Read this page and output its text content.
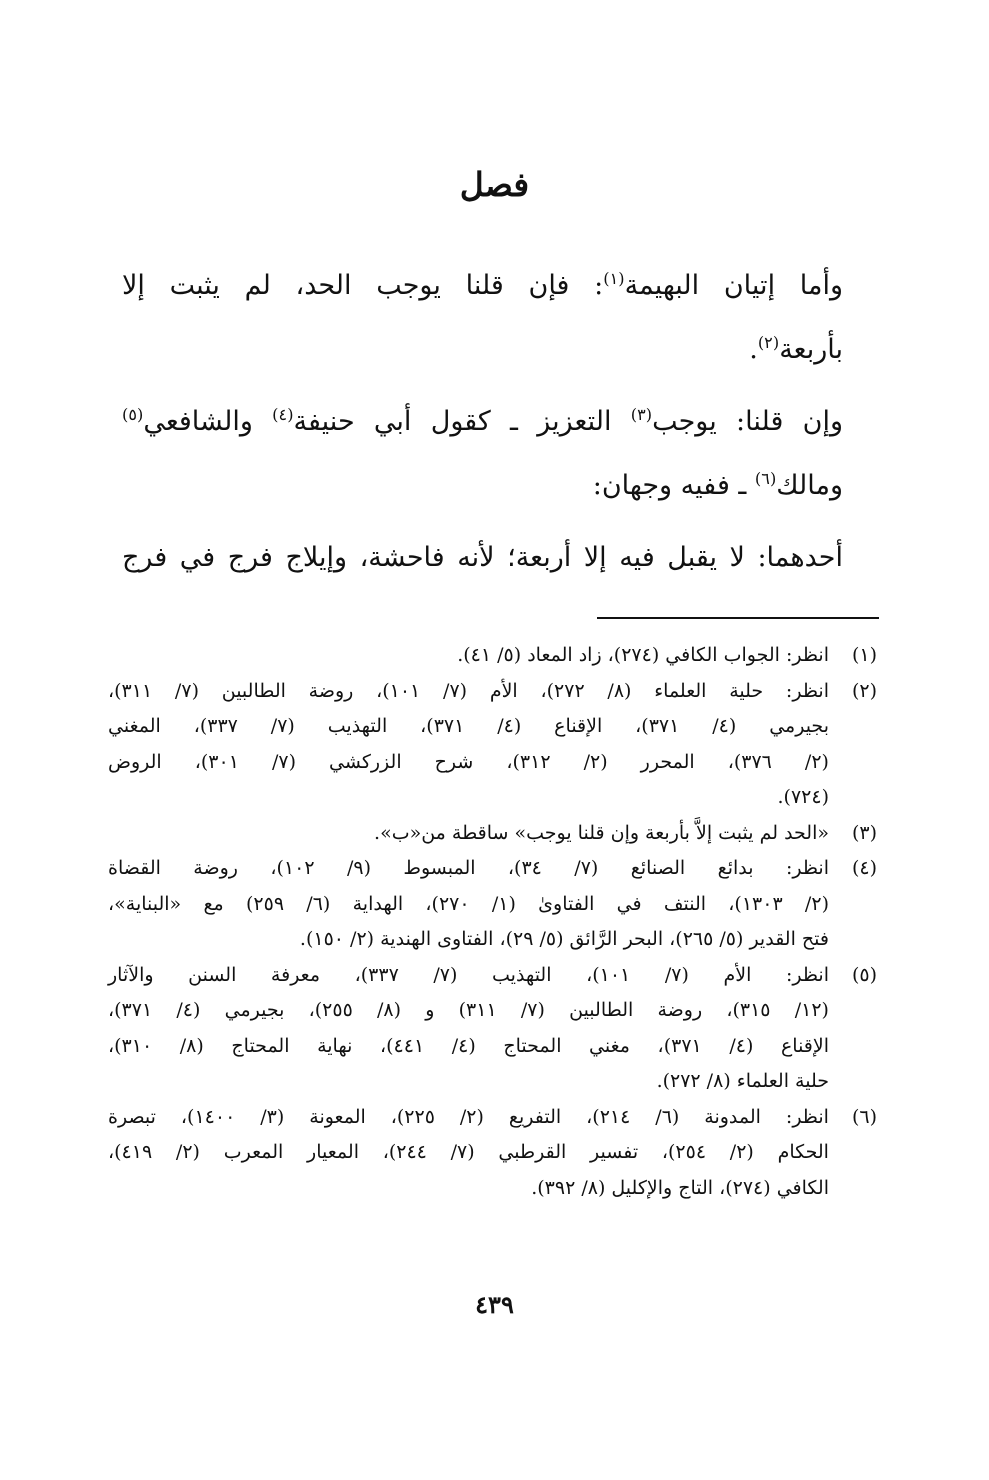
فصل
وأما إتيان البهيمة$^{(١)}$: فإن قلنا يوجب الحد، لم يثبت إلا
بأربعة$^{(٢)}$.
وإن قلنا: يوجب$^{(٣)}$ التعزيز ـ كقول أبي حنيفة$^{(٤)}$ والشافعي$^{(٥)}$
ومالك$^{(٦)}$ ـ ففيه وجهان:
أحدهما: لا يقبل فيه إلا أربعة؛ لأنه فاحشة، وإيلاج فرج في فرج
(١)
انظر: الجواب الكافي (٢٧٤)، زاد المعاد (٥/ ٤١).
(٢)
انظر: حلية العلماء (٨/ ٢٧٢)، الأم (٧/ ١٠١)، روضة الطالبين (٧/ ٣١١)،
بجيرمي (٤/ ٣٧١)، الإقناع (٤/ ٣٧١)، التهذيب (٧/ ٣٣٧)، المغني
(٢/ ٣٧٦)، المحرر (٢/ ٣١٢)، شرح الزركشي (٧/ ٣٠١)، الروض
(٧٢٤).
(٣)
«الحد لم يثبت إلاَّ بأربعة وإن قلنا يوجب» ساقطة من«ب».
(٤)
انظر: بدائع الصنائع (٧/ ٣٤)، المبسوط (٩/ ١٠٢)، روضة القضاة
(٢/ ١٣٠٣)، النتف في الفتاوىٰ (١/ ٢٧٠)، الهداية (٦/ ٢٥٩) مع «البناية»،
فتح القدير (٥/ ٢٦٥)، البحر الرَّائق (٥/ ٢٩)، الفتاوى الهندية (٢/ ١٥٠).
(٥)
انظر: الأم (٧/ ١٠١)، التهذيب (٧/ ٣٣٧)، معرفة السنن والآثار
(١٢/ ٣١٥)، روضة الطالبين (٧/ ٣١١) و (٨/ ٢٥٥)، بجيرمي (٤/ ٣٧١)،
الإقناع (٤/ ٣٧١)، مغني المحتاج (٤/ ٤٤١)، نهاية المحتاج (٨/ ٣١٠)،
حلية العلماء (٨/ ٢٧٢).
(٦)
انظر: المدونة (٦/ ٢١٤)، التفريع (٢/ ٢٢٥)، المعونة (٣/ ١٤٠٠)، تبصرة
الحكام (٢/ ٢٥٤)، تفسير القرطبي (٧/ ٢٤٤)، المعيار المعرب (٢/ ٤١٩)،
الكافي (٢٧٤)، التاج والإكليل (٨/ ٣٩٢).
٤٣٩
